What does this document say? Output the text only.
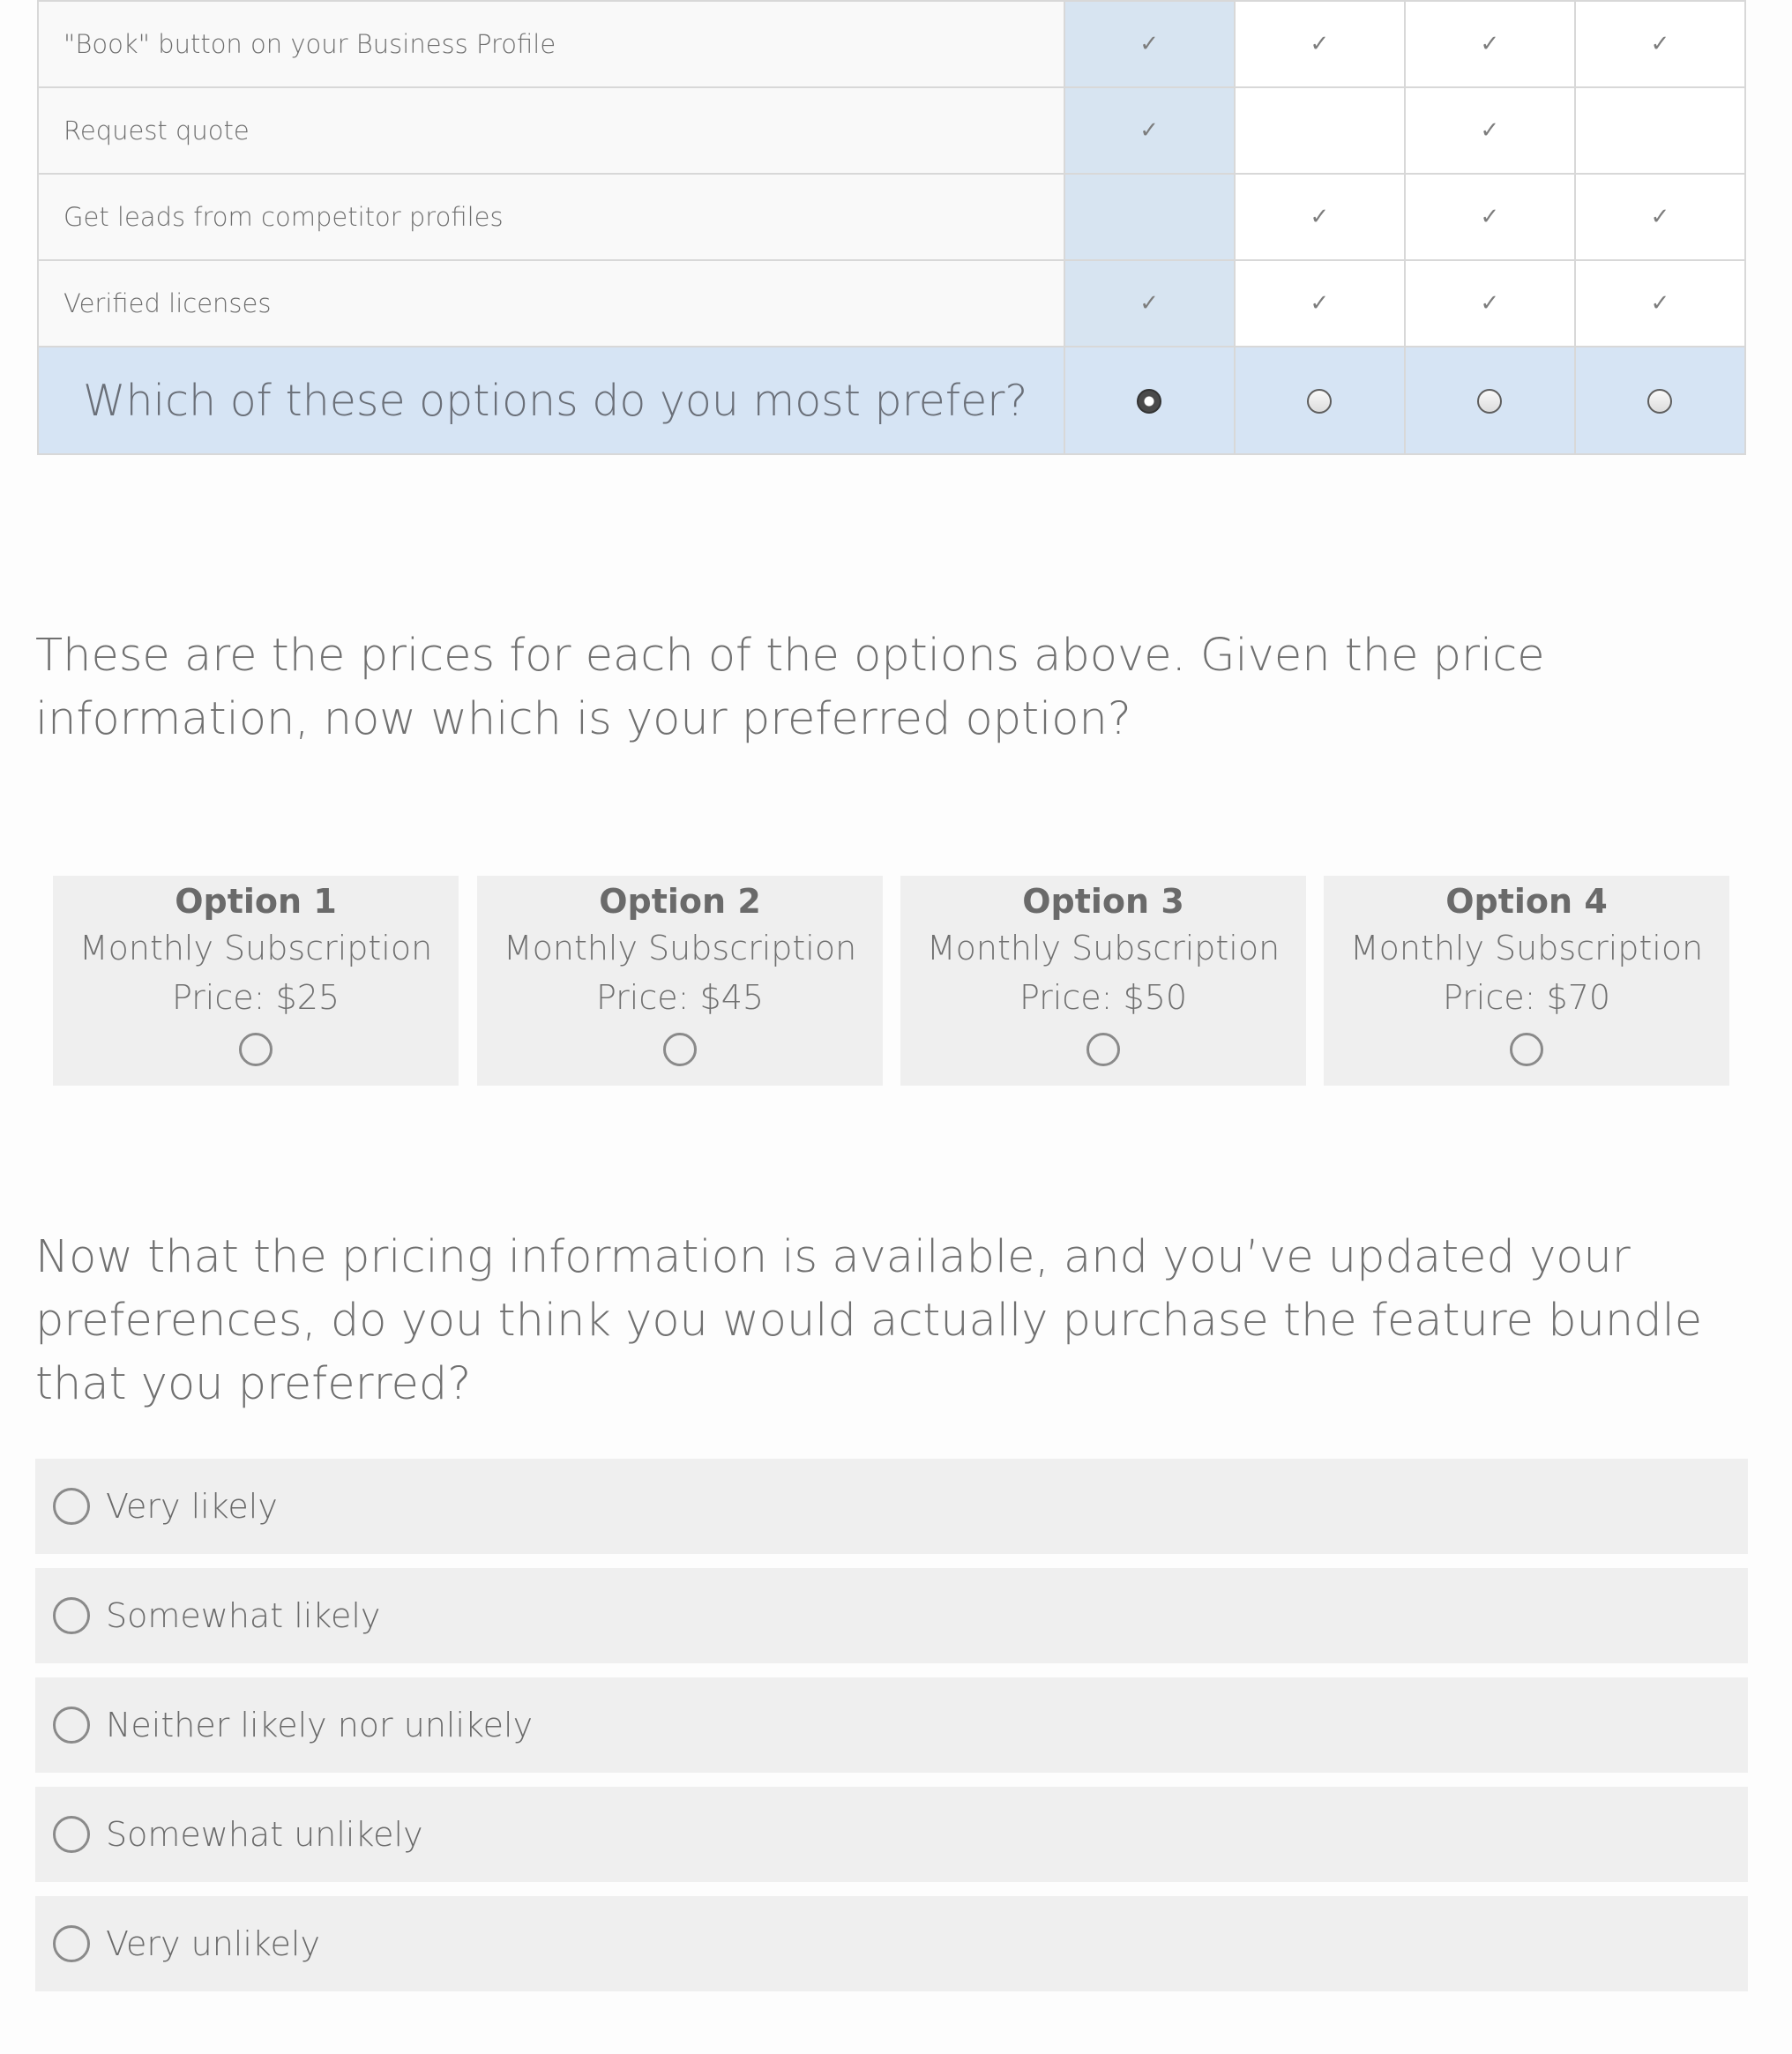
"Book" button on your Business Profile	✓	✓	✓	✓
Request quote	✓		✓	
Get leads from competitor profiles		✓	✓	✓
Verified licenses	✓	✓	✓	✓
Which of these options do you most prefer?				
These are the prices for each of the options above. Given the price information, now which is your preferred option?
Option 1
Monthly Subscription
Price: $25
Option 2
Monthly Subscription
Price: $45
Option 3
Monthly Subscription
Price: $50
Option 4
Monthly Subscription
Price: $70
Now that the pricing information is available, and you’ve updated your preferences, do you think you would actually purchase the feature bundle that you preferred?
Very likely
Somewhat likely
Neither likely nor unlikely
Somewhat unlikely
Very unlikely
